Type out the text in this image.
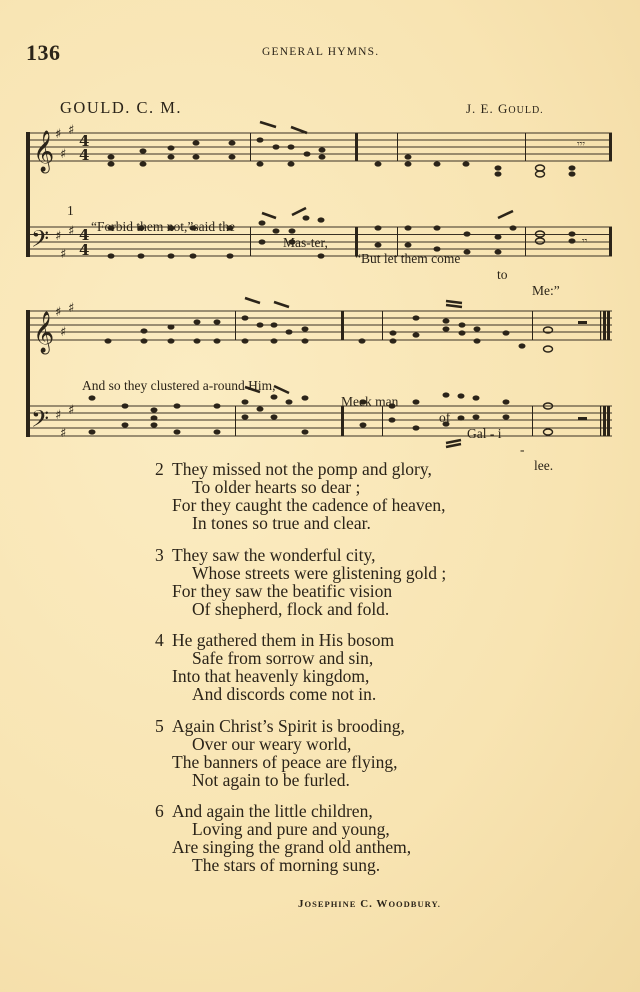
136	GENERAL HYMNS.
GOULD. C. M.	J. E. GOULD.
𝄞
𝄢
𝄞
𝄢
♯
♯
♯
♯
♯
♯
♯
♯
♯
♯
♯
♯
4
4
4
4
𝄾𝄾𝄾
𝄾𝄾

1

“Forbid them not,”said the

Mas-ter,

“But let them come

to

Me:”

And so they clustered a-round Him,

Meek man

of

Gal - i

-

lee.

2 They missed not the pomp and glory,
To older hearts so dear ;
For they caught the cadence of heaven,
In tones so true and clear.
3 They saw the wonderful city,
Whose streets were glistening gold ;
For they saw the beatific vision
Of shepherd, flock and fold.
4 He gathered them in His bosom
Safe from sorrow and sin,
Into that heavenly kingdom,
And discords come not in.
5 Again Christ’s Spirit is brooding,
Over our weary world,
The banners of peace are flying,
Not again to be furled.
6 And again the little children,
Loving and pure and young,
Are singing the grand old anthem,
The stars of morning sung.
JOSEPHINE C. WOODBURY.
